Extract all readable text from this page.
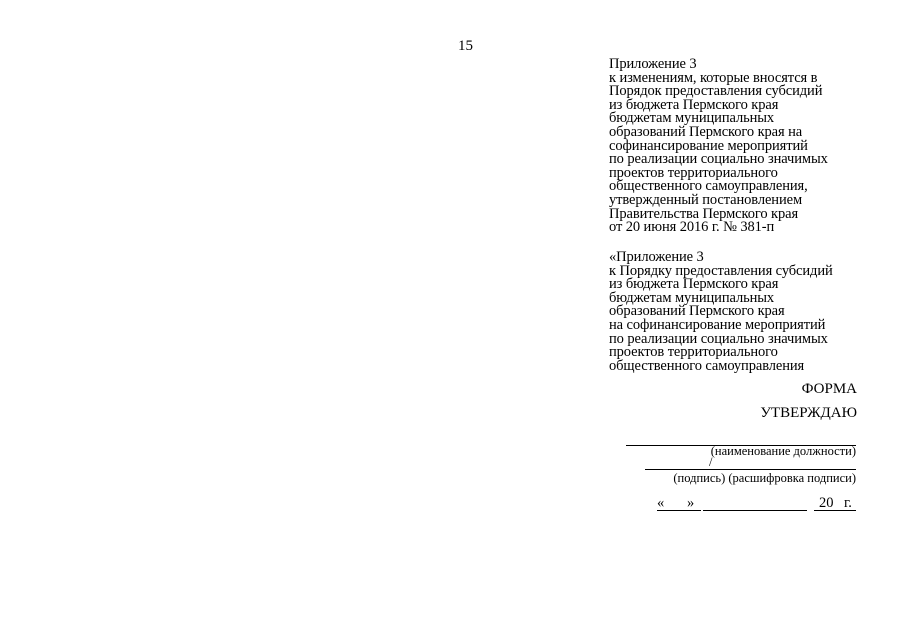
15
Приложение 3
к изменениям, которые вносятся в
Порядок предоставления субсидий
из бюджета Пермского края
бюджетам муниципальных
образований Пермского края на
софинансирование мероприятий
по реализации социально значимых
проектов территориального
общественного самоуправления,
утвержденный постановлением
Правительства Пермского края
от 20 июня 2016 г. № 381-п
«Приложение 3
к Порядку предоставления субсидий
из бюджета Пермского края
бюджетам муниципальных
образований Пермского края
на софинансирование мероприятий
по реализации социально значимых
проектов территориального
общественного самоуправления
ФОРМА
УТВЕРЖДАЮ
(наименование должности)
/
(подпись) (расшифровка подписи)
« »	20 г.
